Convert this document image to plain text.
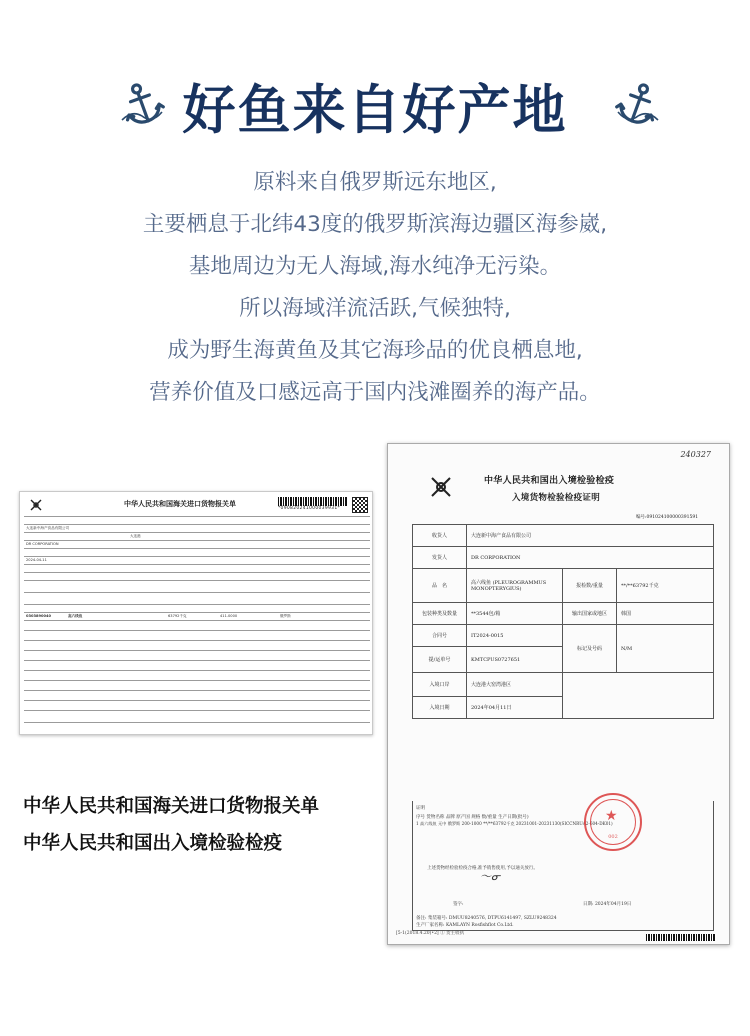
好鱼来自好产地
原料来自俄罗斯远东地区,
主要栖息于北纬43度的俄罗斯滨海边疆区海参崴,
基地周边为无人海域,海水纯净无污染。
所以海域洋流活跃,气候独特,
成为野生海黄鱼及其它海珍品的优良栖息地,
营养价值及口感远高于国内浅滩圈养的海产品。
中华人民共和国海关进口货物报关单
*090820241000039931*
大连新中海产食品有限公司
DR CORPORATION
大连港
2024-04-11
0303890040	高六线鱼	63792千克	411.0000	俄罗斯
中华人民共和国海关进口货物报关单
中华人民共和国出入境检验检疫
240327
中华人民共和国出入境检验检疫
入境货物检验检疫证明
编号:091024100000391591
收货人	大连新中海产食品有限公司		
发货人	DR CORPORATION		
品　名	高六线鱼 (PLEUROGRAMMUS MONOPTERYGIUS)	报检数/重量	**/**63792千克
包装种类及数量	**3544包/箱	输出国家或地区	韩国
合同号	IT2024-0015	标记及号码	N/M
提/运单号	KMTCPUS0727651		
入境口岸	大连港大窑湾港区		
入境日期	2024年04月11日		
证明
序号 货物名称 品牌 原产国 规格 数/重量 生产日期(批号)
1 高六线鱼 无中 俄罗斯 200-1000 **/**63792千克 20231001-20231130(SICCNRUA2-604-DK01)
上述货物经检验检疫合格,准予销售使用,予以通关放行。
签字:	日期: 2024年04月19日
备注: 集装箱号: DMUU8240576, DTPU6141497, SZLU9248324
生产厂家名称: KAMLAYN Rosfishflot Co.Ltd.
★
002
〜ᓂ
[5-1(2018.4.20)•2] ① 货主收执
